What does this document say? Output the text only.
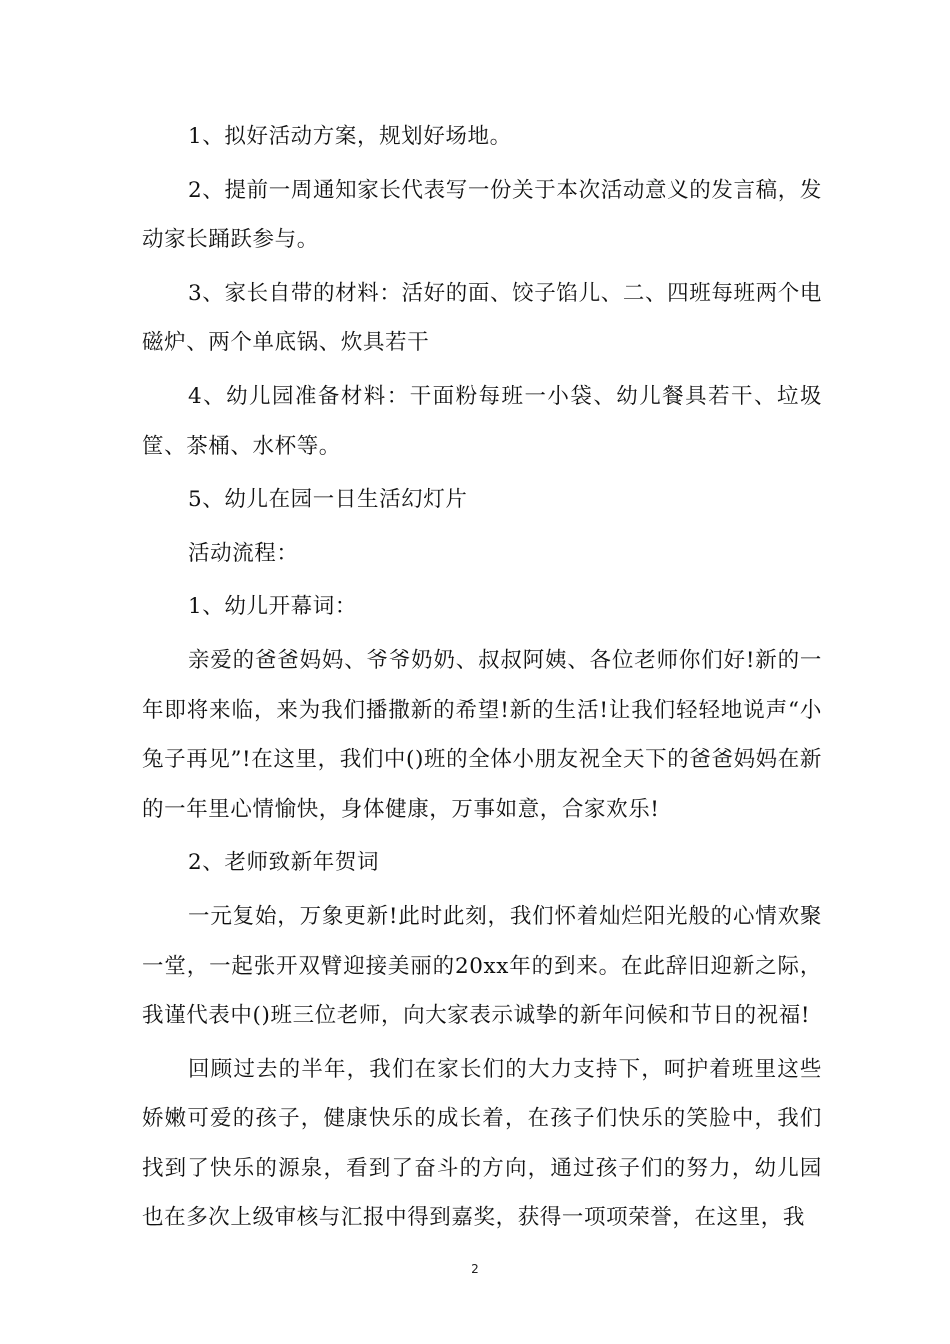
1、拟好活动方案，规划好场地。

2、提前一周通知家长代表写一份关于本次活动意义的发言稿，发动家长踊跃参与。

3、家长自带的材料：活好的面、饺子馅儿、二、四班每班两个电磁炉、两个单底锅、炊具若干

4、幼儿园准备材料：干面粉每班一小袋、幼儿餐具若干、垃圾筐、茶桶、水杯等。

5、幼儿在园一日生活幻灯片

活动流程：

1、幼儿开幕词：

亲爱的爸爸妈妈、爷爷奶奶、叔叔阿姨、各位老师你们好!新的一年即将来临，来为我们播撒新的希望!新的生活!让我们轻轻地说声“小兔子再见”!在这里，我们中()班的全体小朋友祝全天下的爸爸妈妈在新的一年里心情愉快，身体健康，万事如意，合家欢乐!

2、老师致新年贺词

一元复始，万象更新!此时此刻，我们怀着灿烂阳光般的心情欢聚一堂，一起张开双臂迎接美丽的20xx年的到来。在此辞旧迎新之际，我谨代表中()班三位老师，向大家表示诚挚的新年问候和节日的祝福!

回顾过去的半年，我们在家长们的大力支持下，呵护着班里这些娇嫩可爱的孩子，健康快乐的成长着，在孩子们快乐的笑脸中，我们找到了快乐的源泉，看到了奋斗的方向，通过孩子们的努力，幼儿园也在多次上级审核与汇报中得到嘉奖，获得一项项荣誉，在这里，我

2
